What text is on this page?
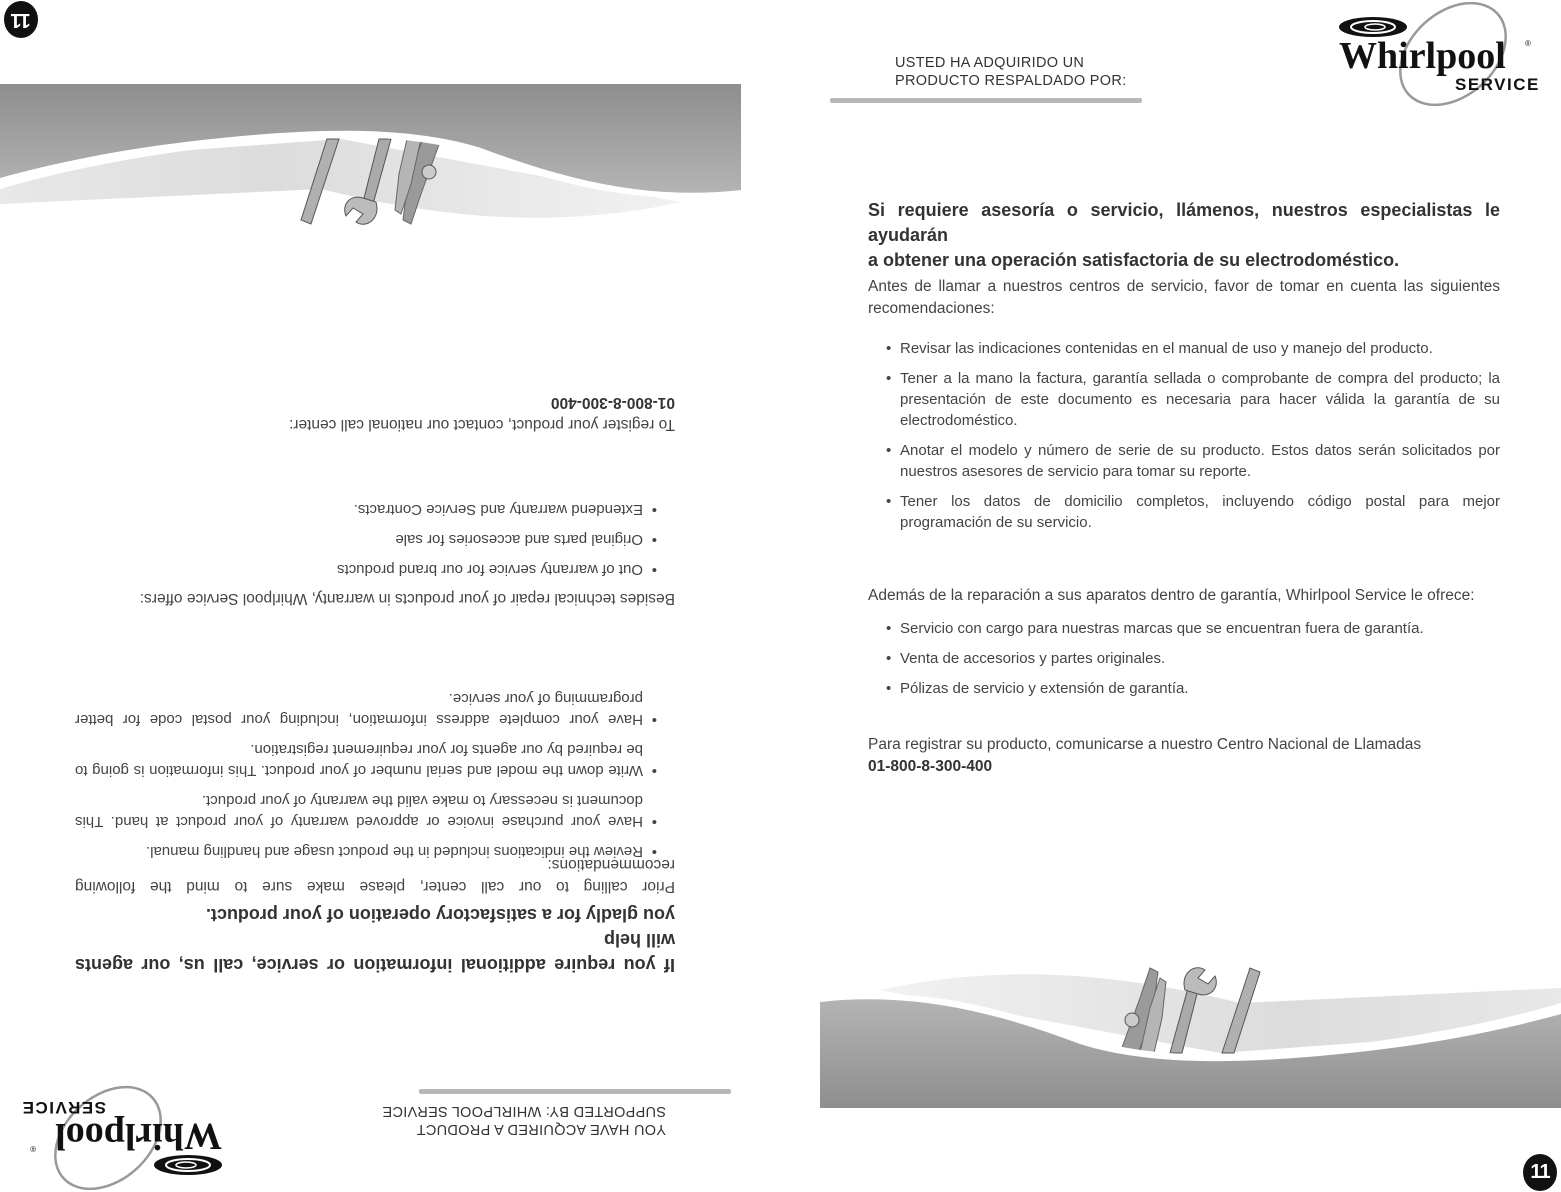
YOU HAVE ACQUIRED A PRODUCT
SUPPORTED BY: WHIRLPOOL SERVICE
Whirlpool
®
SERVICE
If you require additional information or service, call us, our agents will help
you gladly for a satisfactory operation of your product.
Prior calling to our call center, please make sure to mind the following recommendations:
• Review the indications included in the product usage and handling manual.
• Have your purchase invoice or approved warranty of your product at hand. This document is necessary to make valid the warranty of your product.
• Write down the model and serial number of your product. This information is going to be required by our agents for your requirement registration.
• Have your complete address information, including your postal code for better programming of your service.
Besides technical repair of your products in warranty, Whirlpool Service offers:
• Out of warranty service for our brand products
• Original parts and accesories for sale
• Extendend warranty and Service Contracts.
To register your product, contact our national call center:
01-800-8-300-400
11
USTED HA ADQUIRIDO UN
PRODUCTO RESPALDADO POR:
Whirlpool ®
SERVICE
Si requiere asesoría o servicio, llámenos, nuestros especialistas le ayudarán
a obtener una operación satisfactoria de su electrodoméstico.
Antes de llamar a nuestros centros de servicio, favor de tomar en cuenta las siguientes recomendaciones:
• Revisar las indicaciones contenidas en el manual de uso y manejo del producto.
• Tener a la mano la factura, garantía sellada o comprobante de compra del producto; la presentación de este documento es necesaria para hacer válida la garantía de su electrodoméstico.
• Anotar el modelo y número de serie de su producto. Estos datos serán solicitados por nuestros asesores de servicio para tomar su reporte.
• Tener los datos de domicilio completos, incluyendo código postal para mejor programación de su servicio.
Además de la reparación a sus aparatos dentro de garantía, Whirlpool Service le ofrece:
• Servicio con cargo para nuestras marcas que se encuentran fuera de garantía.
• Venta de accesorios y partes originales.
• Pólizas de servicio y extensión de garantía.
Para registrar su producto, comunicarse a nuestro Centro Nacional de Llamadas
01-800-8-300-400
11
